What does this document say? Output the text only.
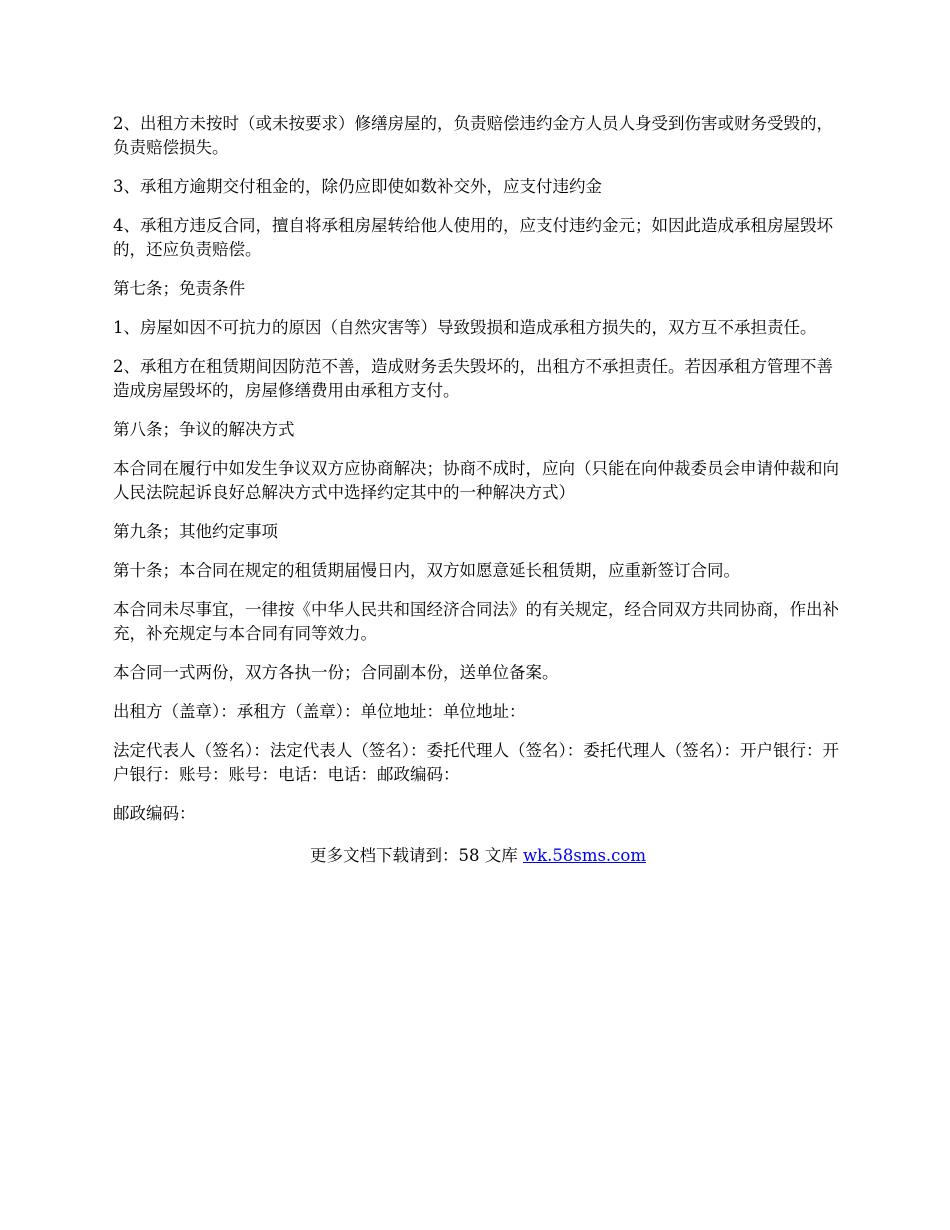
2、出租方未按时（或未按要求）修缮房屋的，负责赔偿违约金方人员人身受到伤害或财务受毁的，负责赔偿损失。

3、承租方逾期交付租金的，除仍应即使如数补交外，应支付违约金

4、承租方违反合同，擅自将承租房屋转给他人使用的，应支付违约金元；如因此造成承租房屋毁坏的，还应负责赔偿。

第七条；免责条件

1、房屋如因不可抗力的原因（自然灾害等）导致毁损和造成承租方损失的，双方互不承担责任。

2、承租方在租赁期间因防范不善，造成财务丢失毁坏的，出租方不承担责任。若因承租方管理不善造成房屋毁坏的，房屋修缮费用由承租方支付。

第八条；争议的解决方式

本合同在履行中如发生争议双方应协商解决；协商不成时，应向（只能在向仲裁委员会申请仲裁和向人民法院起诉良好总解决方式中选择约定其中的一种解决方式）

第九条；其他约定事项

第十条；本合同在规定的租赁期届慢日内，双方如愿意延长租赁期，应重新签订合同。

本合同未尽事宜，一律按《中华人民共和国经济合同法》的有关规定，经合同双方共同协商，作出补充，补充规定与本合同有同等效力。

本合同一式两份，双方各执一份；合同副本份，送单位备案。

出租方（盖章）：承租方（盖章）：单位地址：单位地址：

法定代表人（签名）：法定代表人（签名）：委托代理人（签名）：委托代理人（签名）：开户银行：开户银行：账号：账号：电话：电话：邮政编码：

邮政编码：

更多文档下载请到：58 文库 wk.58sms.com
